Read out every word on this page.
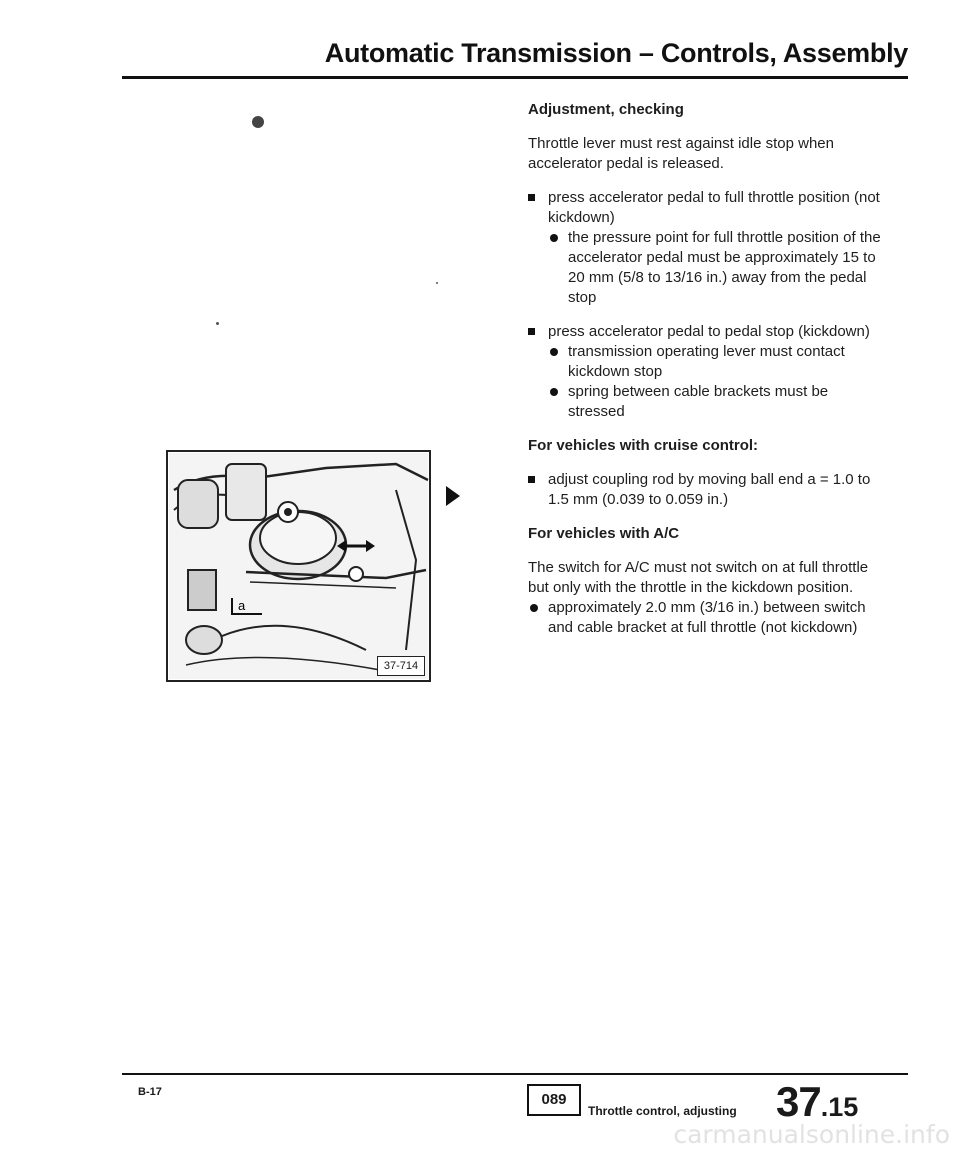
Automatic Transmission – Controls, Assembly
a
37-714
Adjustment, checking

Throttle lever must rest against idle stop when accelerator pedal is released.

press accelerator pedal to full throttle position (not kickdown)
the pressure point for full throttle position of the accelerator pedal must be approximately 15 to 20 mm (5/8 to 13/16 in.) away from the pedal stop
press accelerator pedal to pedal stop (kickdown)
transmission operating lever must contact kickdown stop
spring between cable brackets must be stressed
For vehicles with cruise control:
adjust coupling rod by moving ball end a = 1.0 to 1.5 mm (0.039 to 0.059 in.)
For vehicles with A/C
The switch for A/C must not switch on at full throttle but only with the throttle in the kickdown position.
approximately 2.0 mm (3/16 in.) between switch and cable bracket at full throttle (not kickdown)
B-17	089
Throttle control, adjusting 37.15
carmanualsonline.info
